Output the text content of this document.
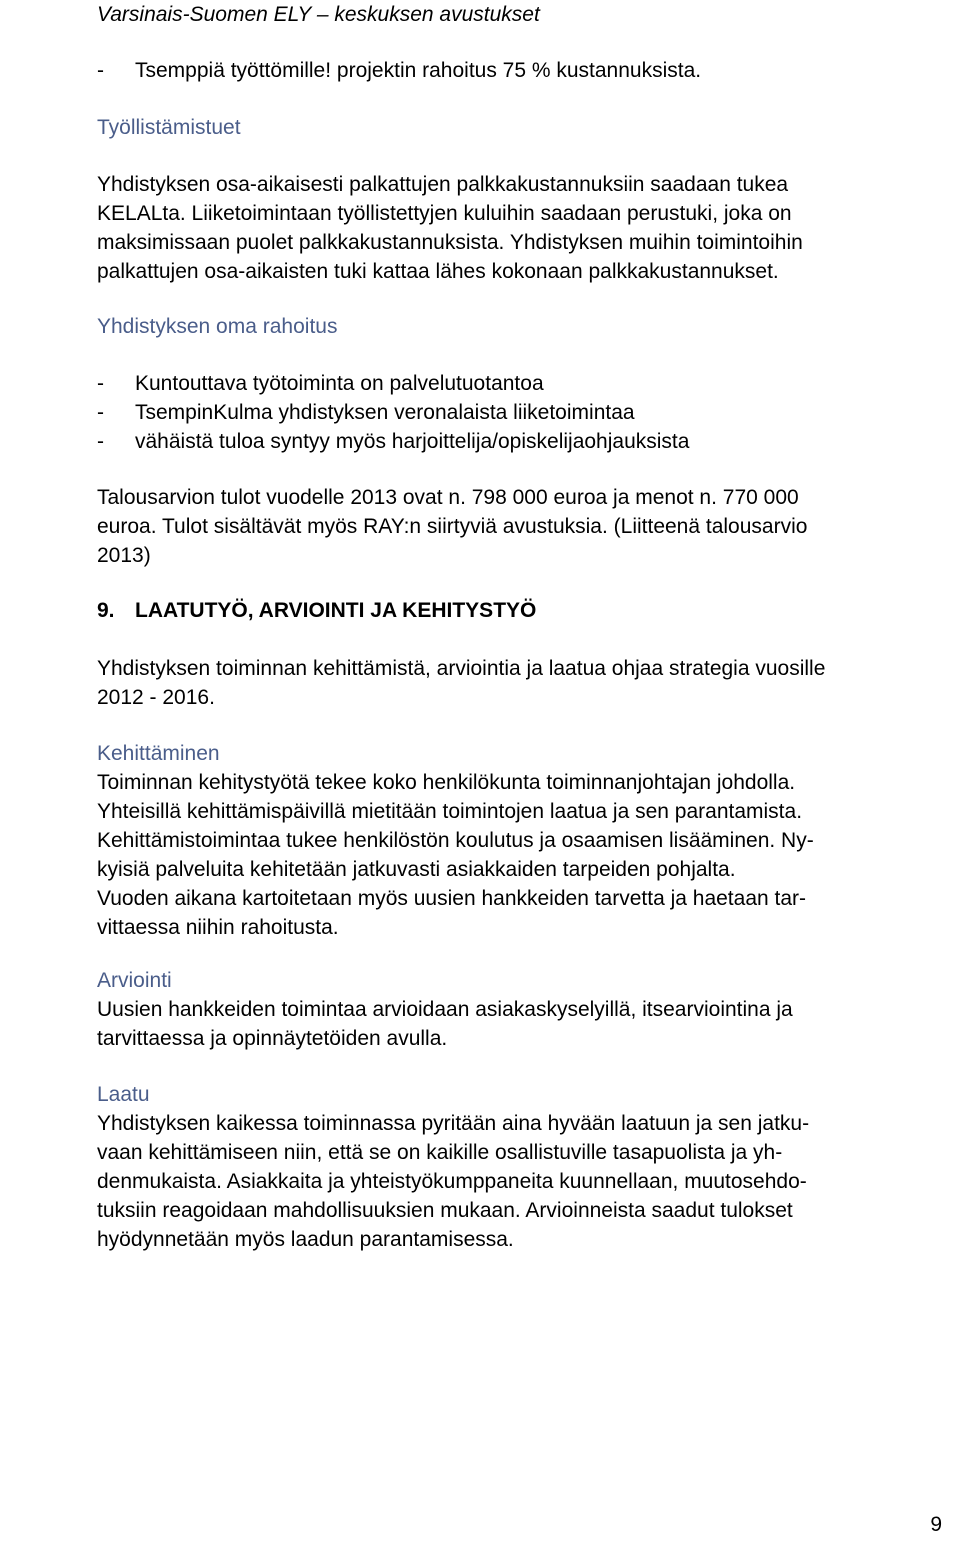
Varsinais-Suomen ELY – keskuksen avustukset
- Tsemppiä työttömille! projektin rahoitus 75 % kustannuksista.
Työllistämistuet
Yhdistyksen osa-aikaisesti palkattujen palkkakustannuksiin saadaan tukea
KELALta. Liiketoimintaan työllistettyjen kuluihin saadaan perustuki, joka on
maksimissaan puolet palkkakustannuksista. Yhdistyksen muihin toimintoihin
palkattujen osa-aikaisten tuki kattaa lähes kokonaan palkkakustannukset.
Yhdistyksen oma rahoitus
- Kuntouttava työtoiminta on palvelutuotantoa
- TsempinKulma yhdistyksen veronalaista liiketoimintaa
- vähäistä tuloa syntyy myös harjoittelija/opiskelijaohjauksista
Talousarvion tulot vuodelle 2013 ovat n. 798 000 euroa ja menot n. 770 000
euroa. Tulot sisältävät myös RAY:n siirtyviä avustuksia. (Liitteenä talousarvio
2013)
9. LAATUTYÖ, ARVIOINTI JA KEHITYSTYÖ
Yhdistyksen toiminnan kehittämistä, arviointia ja laatua ohjaa strategia vuosille
2012 - 2016.
Kehittäminen
Toiminnan kehitystyötä tekee koko henkilökunta toiminnanjohtajan johdolla.
Yhteisillä kehittämispäivillä mietitään toimintojen laatua ja sen parantamista.
Kehittämistoimintaa tukee henkilöstön koulutus ja osaamisen lisääminen. Ny-
kyisiä palveluita kehitetään jatkuvasti asiakkaiden tarpeiden pohjalta.
Vuoden aikana kartoitetaan myös uusien hankkeiden tarvetta ja haetaan tar-
vittaessa niihin rahoitusta.
Arviointi
Uusien hankkeiden toimintaa arvioidaan asiakaskyselyillä, itsearviointina ja
tarvittaessa ja opinnäytetöiden avulla.
Laatu
Yhdistyksen kaikessa toiminnassa pyritään aina hyvään laatuun ja sen jatku-
vaan kehittämiseen niin, että se on kaikille osallistuville tasapuolista ja yh-
denmukaista. Asiakkaita ja yhteistyökumppaneita kuunnellaan, muutosehdo-
tuksiin reagoidaan mahdollisuuksien mukaan. Arvioinneista saadut tulokset
hyödynnetään myös laadun parantamisessa.
9
